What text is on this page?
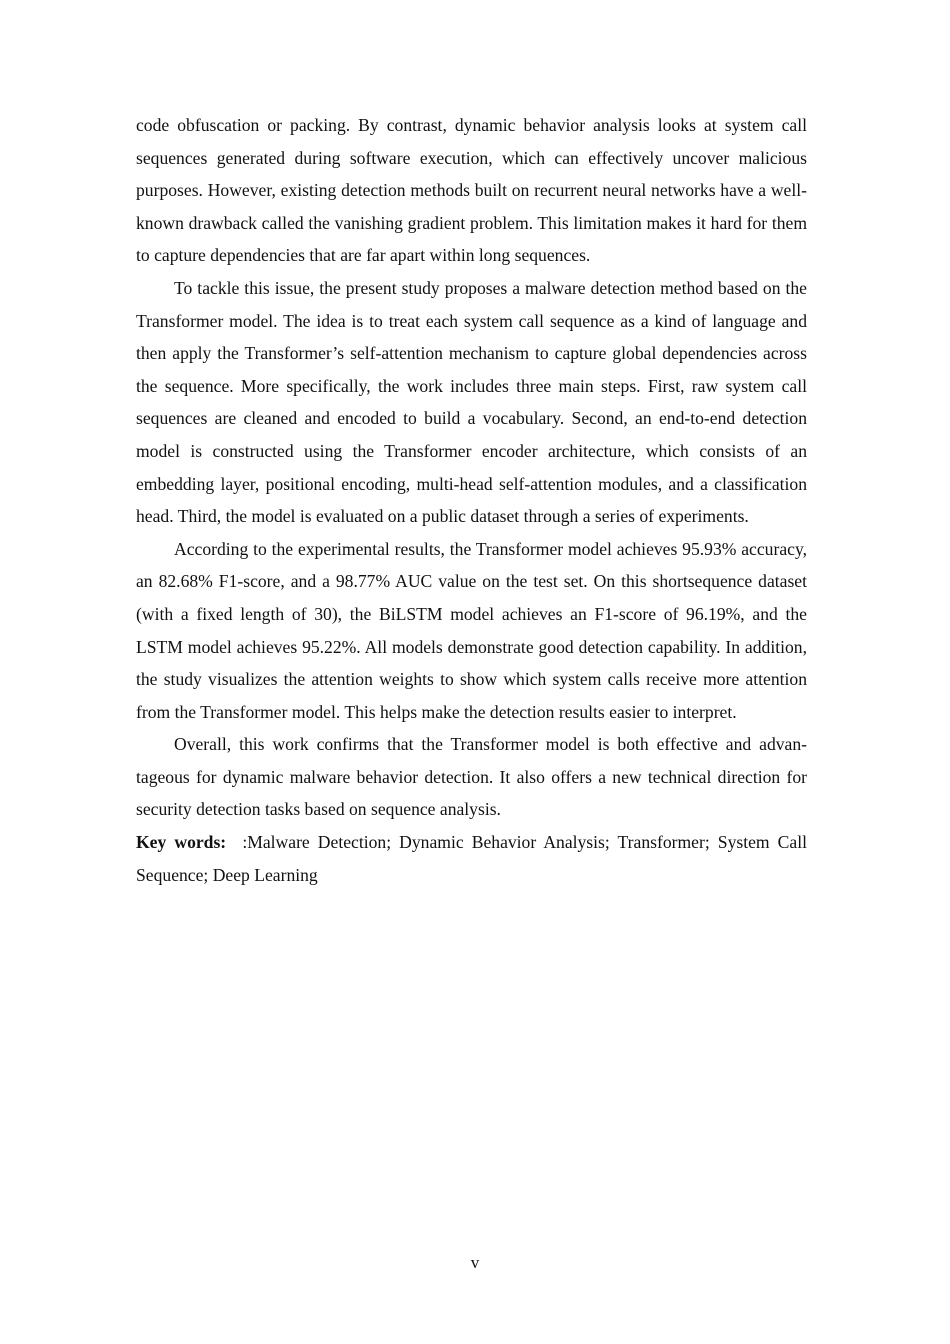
code obfuscation or packing. By contrast, dynamic behavior analysis looks at system call sequences generated during software execution, which can effectively uncover malicious purposes. However, existing detection methods built on recurrent neural networks have a well-known drawback called the vanishing gradient problem. This limitation makes it hard for them to capture dependencies that are far apart within long sequences.

To tackle this issue, the present study proposes a malware detection method based on the Transformer model. The idea is to treat each system call sequence as a kind of language and then apply the Transformer’s self-attention mechanism to capture global dependencies across the sequence. More specifically, the work includes three main steps. First, raw system call sequences are cleaned and encoded to build a vocabulary. Second, an end-to-end detection model is constructed using the Transformer encoder architecture, which consists of an embedding layer, positional encoding, multi-head self-attention modules, and a classification head. Third, the model is evaluated on a public dataset through a series of experiments.

According to the experimental results, the Transformer model achieves 95.93% accuracy, an 82.68% F1-score, and a 98.77% AUC value on the test set. On this shortsequence dataset (with a fixed length of 30), the BiLSTM model achieves an F1-score of 96.19%, and the LSTM model achieves 95.22%. All models demonstrate good detection capability. In addition, the study visualizes the attention weights to show which system calls receive more attention from the Transformer model. This helps make the detection results easier to interpret.

Overall, this work confirms that the Transformer model is both effective and advantageous for dynamic malware behavior detection. It also offers a new technical direction for security detection tasks based on sequence analysis.

Key words: :Malware Detection; Dynamic Behavior Analysis; Transformer; System Call Sequence; Deep Learning

v
